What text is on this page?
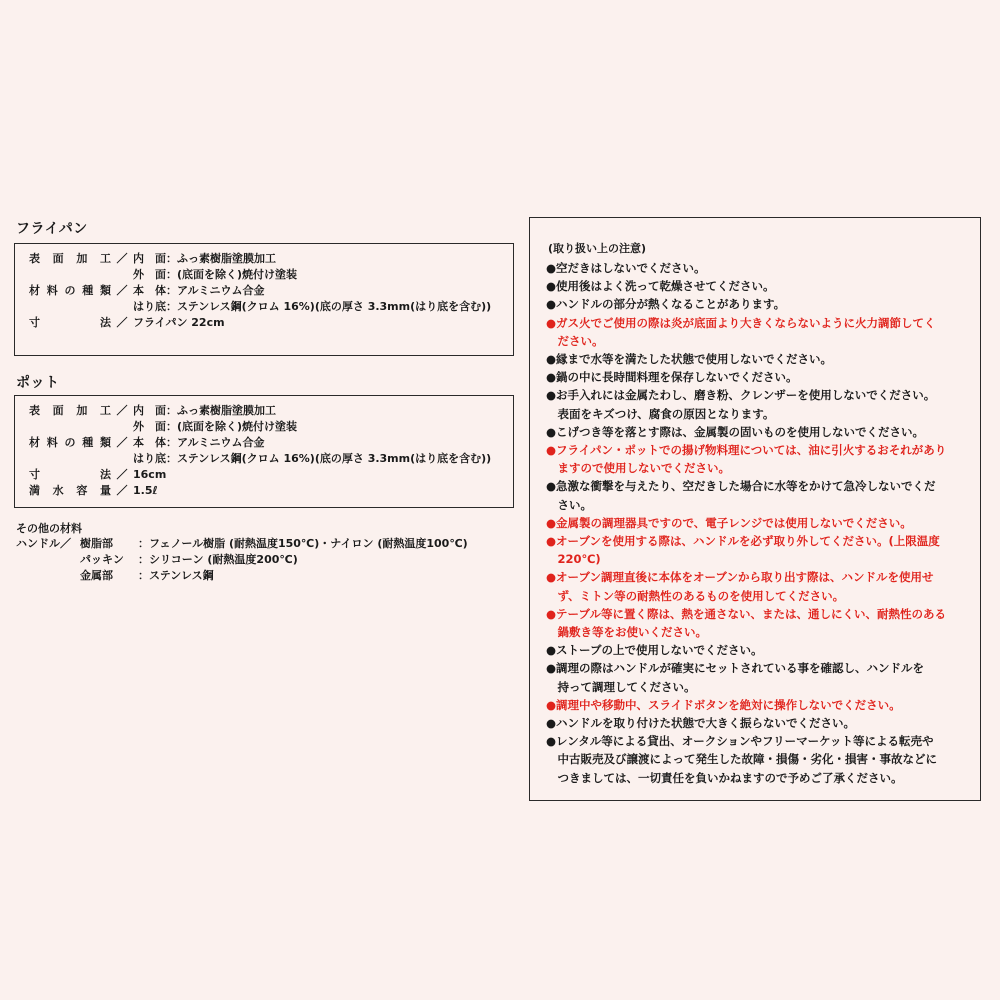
フライパン
表面加工 ／ 内　面：ふっ素樹脂塗膜加工
外　面：(底面を除く)焼付け塗装
材料の種類 ／ 本　体：アルミニウム合金
はり底：ステンレス鋼(クロム 16%)(底の厚さ 3.3mm(はり底を含む))
寸法 ／ フライパン 22cm
ポット
表面加工 ／ 内　面：ふっ素樹脂塗膜加工
外　面：(底面を除く)焼付け塗装
材料の種類 ／ 本　体：アルミニウム合金
はり底：ステンレス鋼(クロム 16%)(底の厚さ 3.3mm(はり底を含む))
寸法 ／ 16cm
満水容量 ／ 1.5ℓ
その他の材料
ハンドル／ 樹脂部 ：フェノール樹脂 (耐熱温度150℃)・ナイロン (耐熱温度100℃)
パッキン ：シリコーン (耐熱温度200℃)
金属部 ：ステンレス鋼
(取り扱い上の注意)
●空だきはしないでください。
●使用後はよく洗って乾燥させてください。
●ハンドルの部分が熱くなることがあります。
●ガス火でご使用の際は炎が底面より大きくならないように火力調節してく
　ださい。
●縁まで水等を満たした状態で使用しないでください。
●鍋の中に長時間料理を保存しないでください。
●お手入れには金属たわし、磨き粉、クレンザーを使用しないでください。
　表面をキズつけ、腐食の原因となります。
●こげつき等を落とす際は、金属製の固いものを使用しないでください。
●フライパン・ポットでの揚げ物料理については、油に引火するおそれがあり
　ますので使用しないでください。
●急激な衝撃を与えたり、空だきした場合に水等をかけて急冷しないでくだ
　さい。
●金属製の調理器具ですので、電子レンジでは使用しないでください。
●オーブンを使用する際は、ハンドルを必ず取り外してください。(上限温度
　220℃)
●オーブン調理直後に本体をオーブンから取り出す際は、ハンドルを使用せ
　ず、ミトン等の耐熱性のあるものを使用してください。
●テーブル等に置く際は、熱を通さない、または、通しにくい、耐熱性のある
　鍋敷き等をお使いください。
●ストーブの上で使用しないでください。
●調理の際はハンドルが確実にセットされている事を確認し、ハンドルを
　持って調理してください。
●調理中や移動中、スライドボタンを絶対に操作しないでください。
●ハンドルを取り付けた状態で大きく振らないでください。
●レンタル等による貸出、オークションやフリーマーケット等による転売や
　中古販売及び譲渡によって発生した故障・損傷・劣化・損害・事故などに
　つきましては、一切責任を負いかねますので予めご了承ください。
